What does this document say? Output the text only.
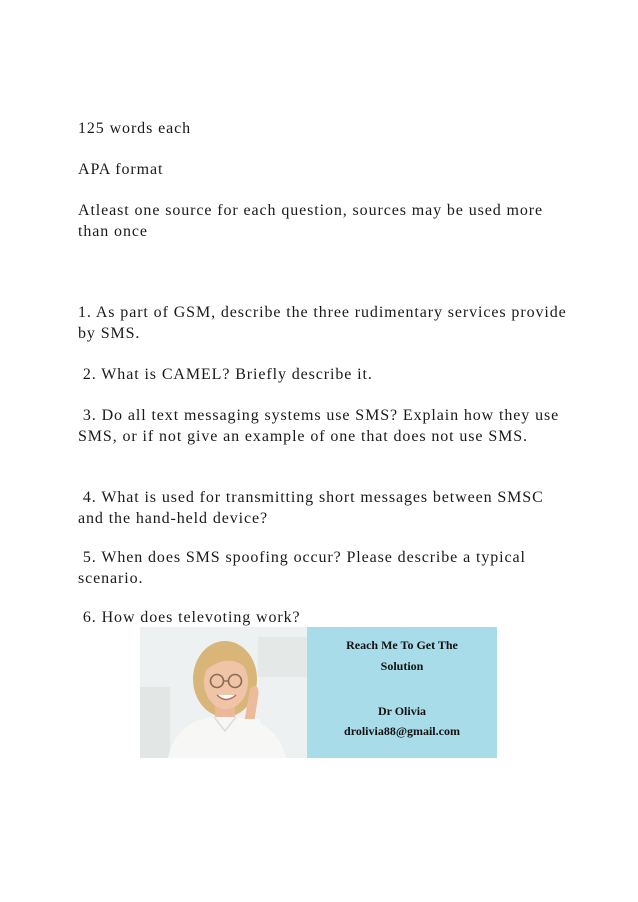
125 words each

APA format

Atleast one source for each question, sources may be used more than once

1. As part of GSM, describe the three rudimentary services provide by SMS.

2. What is CAMEL? Briefly describe it.

3. Do all text messaging systems use SMS? Explain how they use SMS, or if not give an example of one that does not use SMS.

4. What is used for transmitting short messages between SMSC and the hand-held device?

5. When does SMS spoofing occur? Please describe a typical scenario.

6. How does televoting work?

Reach Me To Get The

Solution

Dr Olivia

drolivia88@gmail.com
